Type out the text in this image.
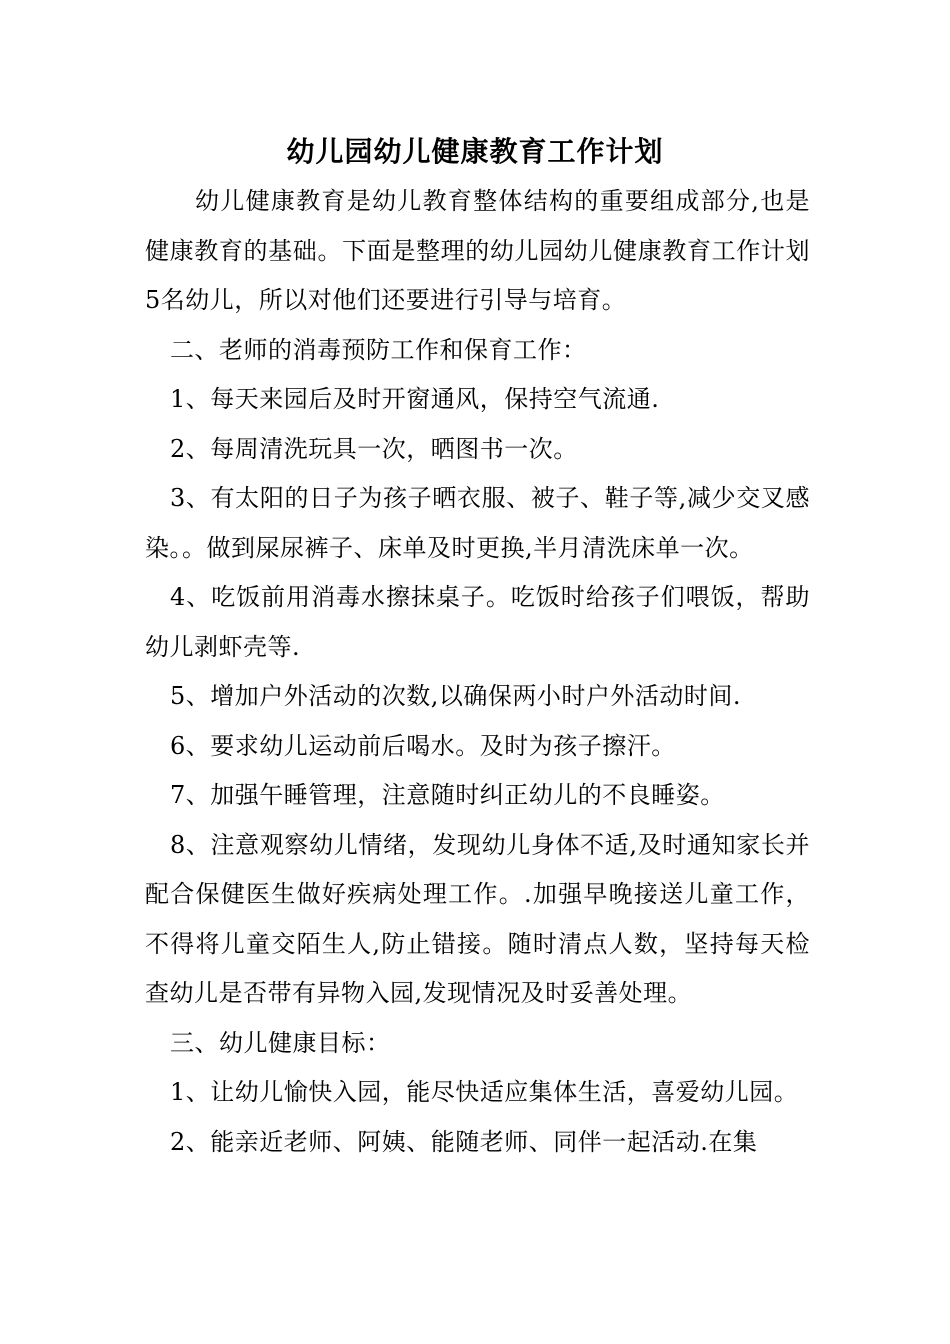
幼儿园幼儿健康教育工作计划

幼儿健康教育是幼儿教育整体结构的重要组成部分,也是健康教育的基础。下面是整理的幼儿园幼儿健康教育工作计划5名幼儿，所以对他们还要进行引导与培育。

二、老师的消毒预防工作和保育工作：

1、每天来园后及时开窗通风，保持空气流通.

2、每周清洗玩具一次，晒图书一次。

3、有太阳的日子为孩子晒衣服、被子、鞋子等,减少交叉感染。。做到屎尿裤子、床单及时更换,半月清洗床单一次。

4、吃饭前用消毒水擦抹桌子。吃饭时给孩子们喂饭，帮助幼儿剥虾壳等.

5、增加户外活动的次数,以确保两小时户外活动时间.

6、要求幼儿运动前后喝水。及时为孩子擦汗。

7、加强午睡管理，注意随时纠正幼儿的不良睡姿。

8、注意观察幼儿情绪，发现幼儿身体不适,及时通知家长并配合保健医生做好疾病处理工作。.加强早晚接送儿童工作，不得将儿童交陌生人,防止错接。随时清点人数，坚持每天检查幼儿是否带有异物入园,发现情况及时妥善处理。

三、幼儿健康目标：

1、让幼儿愉快入园，能尽快适应集体生活，喜爱幼儿园。

2、能亲近老师、阿姨、能随老师、同伴一起活动.在集
